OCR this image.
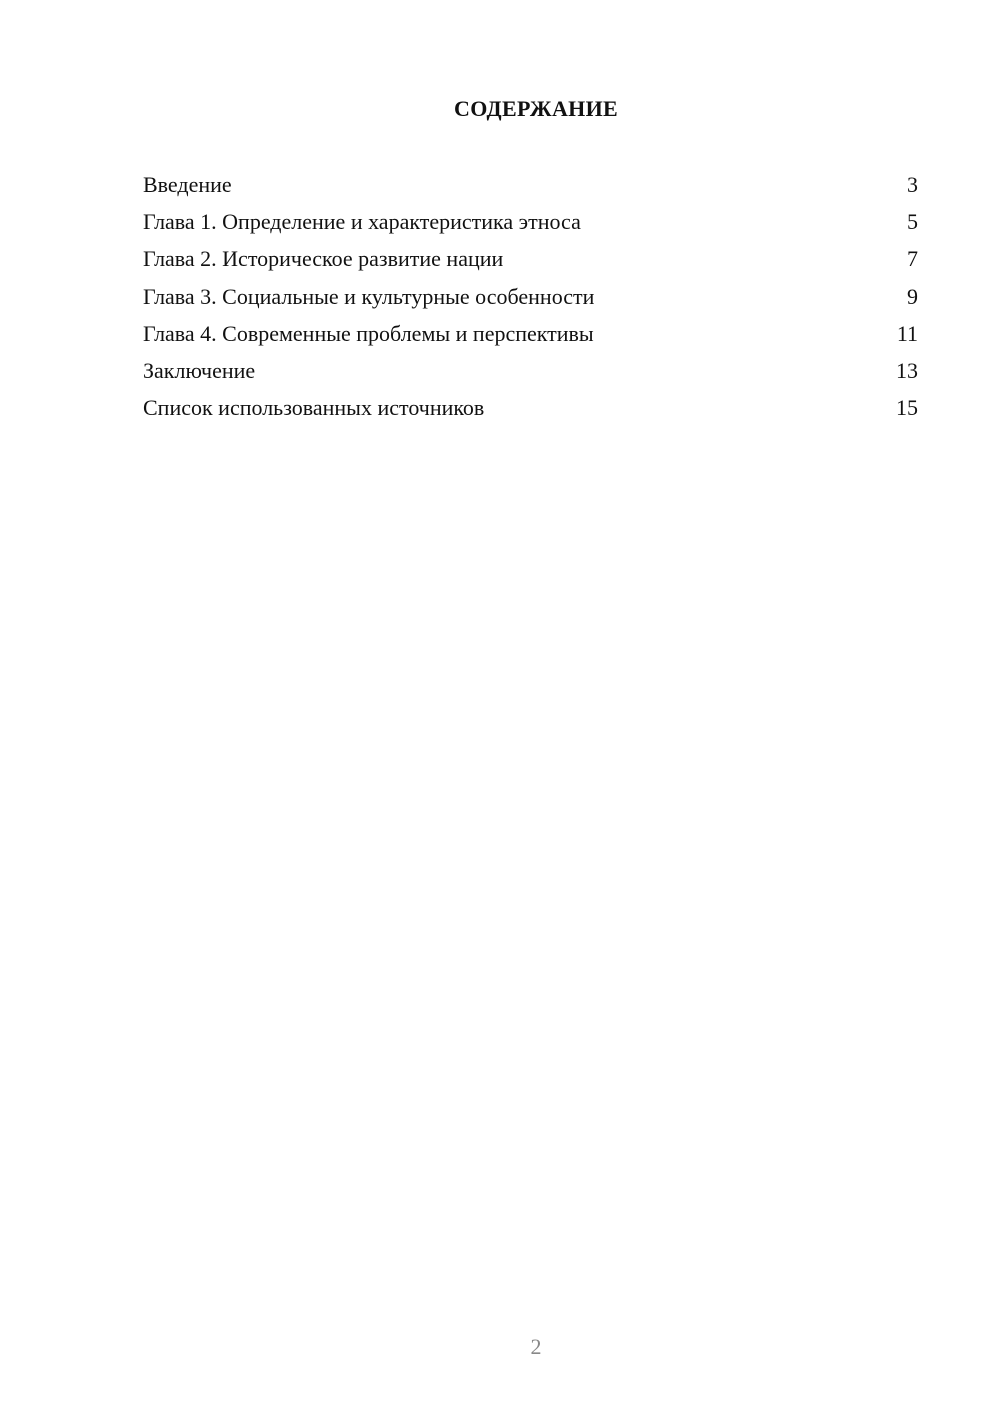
СОДЕРЖАНИЕ
Введение	3
Глава 1. Определение и характеристика этноса	5
Глава 2. Историческое развитие нации	7
Глава 3. Социальные и культурные особенности	9
Глава 4. Современные проблемы и перспективы	11
Заключение	13
Список использованных источников	15
2
